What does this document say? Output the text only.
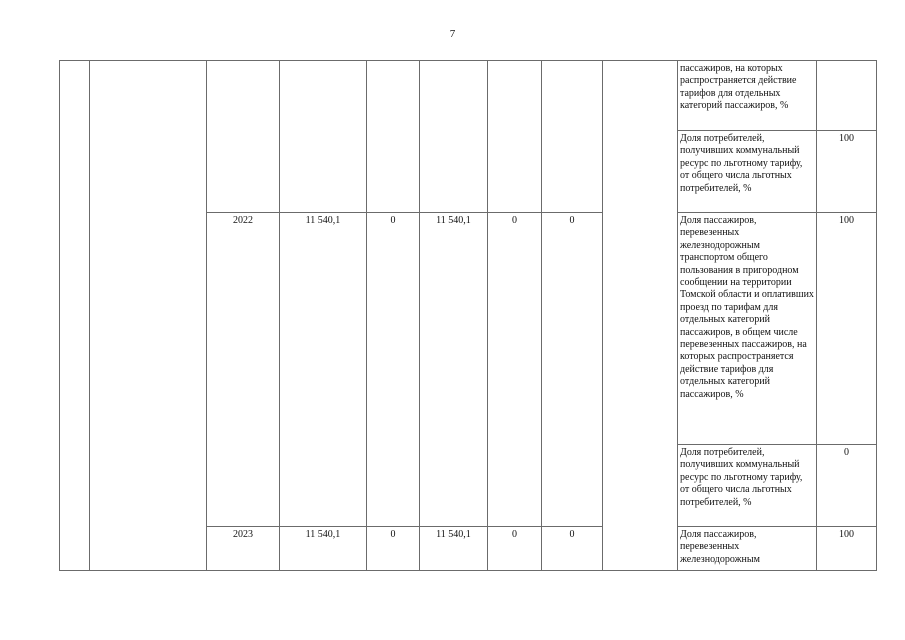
7
									пассажиров, на которых распространяется действие тарифов для отдельных категорий пассажиров, %	
									Доля потребителей, получивших коммунальный ресурс по льготному тарифу, от общего числа льготных потребителей, %	100
		2022	11 540,1	0	11 540,1	0	0		Доля пассажиров, перевезенных железнодорожным транспортом общего пользования в пригородном сообщении на территории Томской области и оплативших проезд по тарифам для отдельных категорий пассажиров, в общем числе перевезенных пассажиров, на которых распространяется действие тарифов для отдельных категорий пассажиров, %	100
									Доля потребителей, получивших коммунальный ресурс по льготному тарифу, от общего числа льготных потребителей, %	0
		2023	11 540,1	0	11 540,1	0	0		Доля пассажиров, перевезенных железнодорожным	100
